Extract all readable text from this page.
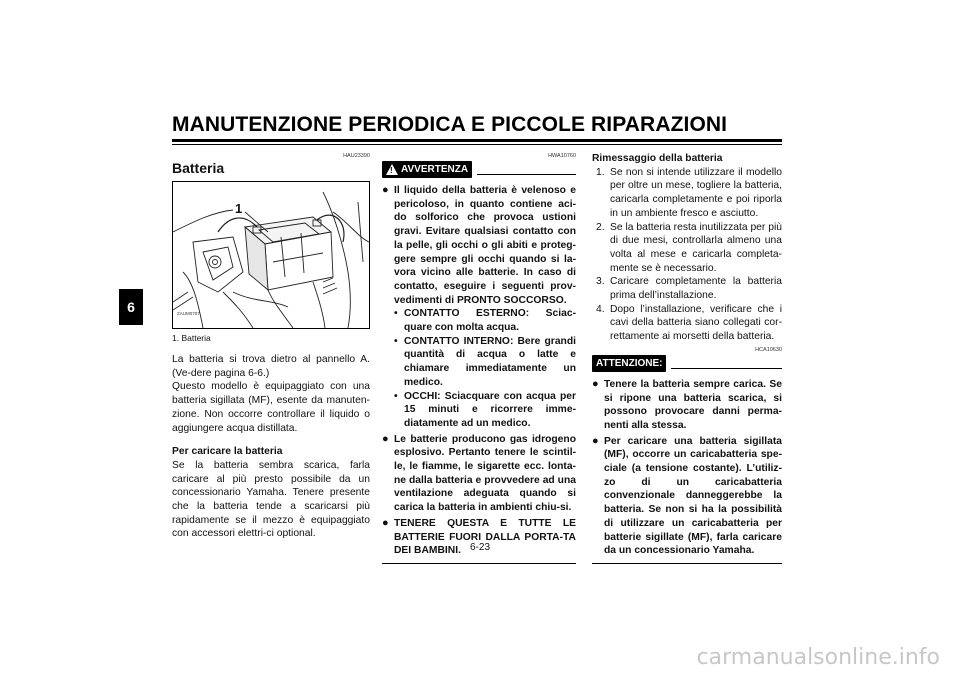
MANUTENZIONE PERIODICA E PICCOLE RIPARAZIONI
6
HAU23390
Batteria
1
ZAUM0707

1. Batteria

La batteria si trova dietro al pannello A. (Ve-dere pagina 6-6.)

Questo modello è equipaggiato con una batteria sigillata (MF), esente da manuten-zione. Non occorre controllare il liquido o aggiungere acqua distillata.

Per caricare la batteria

Se la batteria sembra scarica, farla caricare al più presto possibile da un concessionario Yamaha. Tenere presente che la batteria tende a scaricarsi più rapidamente se il mezzo è equipaggiato con accessori elettri-ci optional.

HWA10760
! AVVERTENZA
● Il liquido della batteria è velenoso e pericoloso, in quanto contiene aci-do solforico che provoca ustioni gravi. Evitare qualsiasi contatto con la pelle, gli occhi o gli abiti e proteg-gere sempre gli occhi quando si la-vora vicino alle batterie. In caso di contatto, eseguire i seguenti prov-vedimenti di PRONTO SOCCORSO.
• CONTATTO ESTERNO: Sciac-quare con molta acqua.
• CONTATTO INTERNO: Bere grandi quantità di acqua o latte e chiamare immediatamente un medico.
• OCCHI: Sciacquare con acqua per 15 minuti e ricorrere imme-diatamente ad un medico.
● Le batterie producono gas idrogeno esplosivo. Pertanto tenere le scintil-le, le fiamme, le sigarette ecc. lonta-ne dalla batteria e provvedere ad una ventilazione adeguata quando si carica la batteria in ambienti chiu-si.
● TENERE QUESTA E TUTTE LE BATTERIE FUORI DALLA PORTA-TA DEI BAMBINI.

Rimessaggio della batteria

1. Se non si intende utilizzare il modello per oltre un mese, togliere la batteria, caricarla completamente e poi riporla in un ambiente fresco e asciutto.
2. Se la batteria resta inutilizzata per più di due mesi, controllarla almeno una volta al mese e caricarla completa-mente se è necessario.
3. Caricare completamente la batteria prima dell’installazione.
4. Dopo l’installazione, verificare che i cavi della batteria siano collegati cor-rettamente ai morsetti della batteria.
HCA10630
ATTENZIONE:
● Tenere la batteria sempre carica. Se si ripone una batteria scarica, si possono provocare danni perma-nenti alla stessa.
● Per caricare una batteria sigillata (MF), occorre un caricabatteria spe-ciale (a tensione costante). L’utiliz-zo di un caricabatteria convenzionale danneggerebbe la batteria. Se non si ha la possibilità di utilizzare un caricabatteria per batterie sigillate (MF), farla caricare da un concessionario Yamaha.

6-23

carmanualsonline.info
